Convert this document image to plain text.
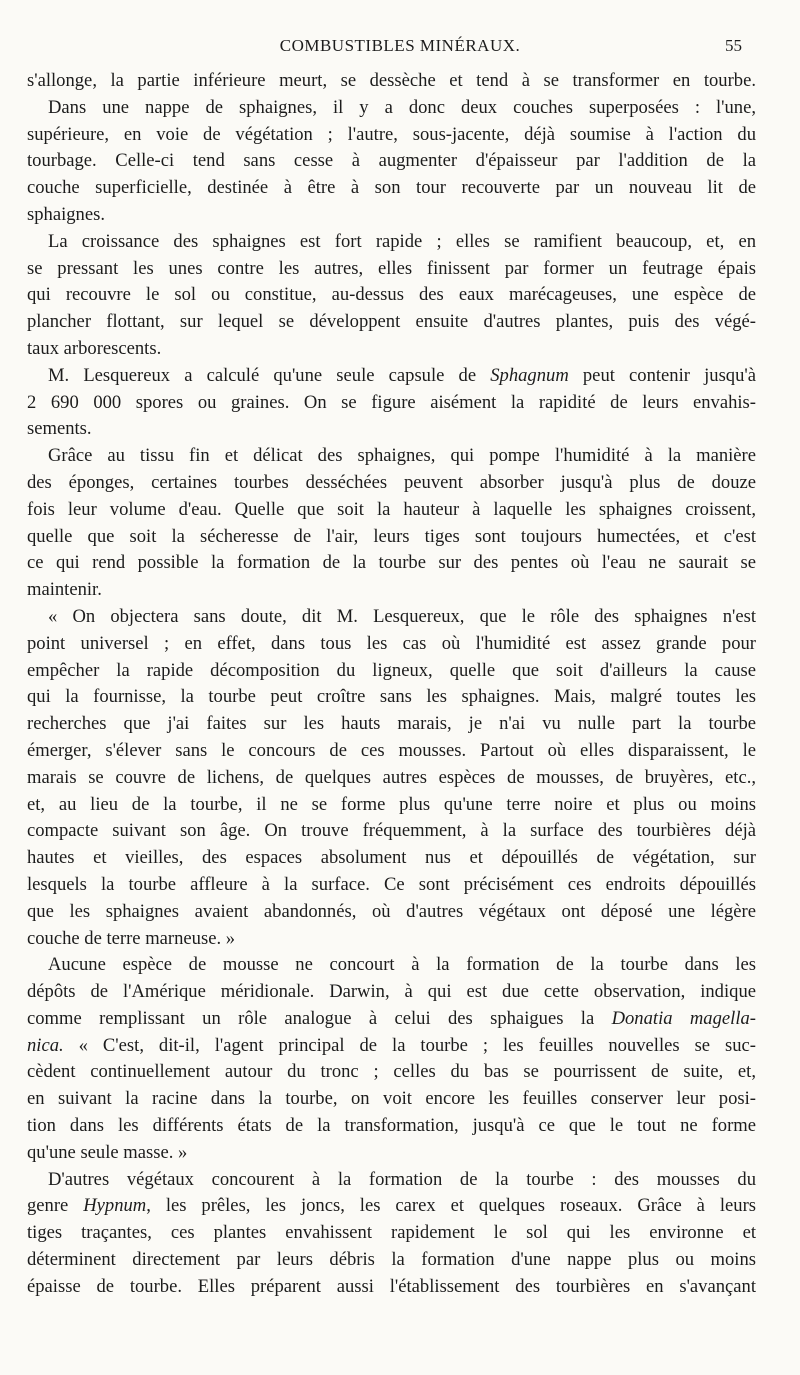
COMBUSTIBLES MINÉRAUX.	55
s'allonge, la partie inférieure meurt, se dessèche et tend à se transformer en tourbe.
Dans une nappe de sphaignes, il y a donc deux couches superposées : l'une,
supérieure, en voie de végétation ; l'autre, sous-jacente, déjà soumise à l'action du
tourbage. Celle-ci tend sans cesse à augmenter d'épaisseur par l'addition de la
couche superficielle, destinée à être à son tour recouverte par un nouveau lit de
sphaignes.
La croissance des sphaignes est fort rapide ; elles se ramifient beaucoup, et, en
se pressant les unes contre les autres, elles finissent par former un feutrage épais
qui recouvre le sol ou constitue, au-dessus des eaux marécageuses, une espèce de
plancher flottant, sur lequel se développent ensuite d'autres plantes, puis des végé-
taux arborescents.
M. Lesquereux a calculé qu'une seule capsule de Sphagnum peut contenir jusqu'à
2 690 000 spores ou graines. On se figure aisément la rapidité de leurs envahis-
sements.
Grâce au tissu fin et délicat des sphaignes, qui pompe l'humidité à la manière
des éponges, certaines tourbes desséchées peuvent absorber jusqu'à plus de douze
fois leur volume d'eau. Quelle que soit la hauteur à laquelle les sphaignes croissent,
quelle que soit la sécheresse de l'air, leurs tiges sont toujours humectées, et c'est
ce qui rend possible la formation de la tourbe sur des pentes où l'eau ne saurait se
maintenir.
« On objectera sans doute, dit M. Lesquereux, que le rôle des sphaignes n'est
point universel ; en effet, dans tous les cas où l'humidité est assez grande pour
empêcher la rapide décomposition du ligneux, quelle que soit d'ailleurs la cause
qui la fournisse, la tourbe peut croître sans les sphaignes. Mais, malgré toutes les
recherches que j'ai faites sur les hauts marais, je n'ai vu nulle part la tourbe
émerger, s'élever sans le concours de ces mousses. Partout où elles disparaissent, le
marais se couvre de lichens, de quelques autres espèces de mousses, de bruyères, etc.,
et, au lieu de la tourbe, il ne se forme plus qu'une terre noire et plus ou moins
compacte suivant son âge. On trouve fréquemment, à la surface des tourbières déjà
hautes et vieilles, des espaces absolument nus et dépouillés de végétation, sur
lesquels la tourbe affleure à la surface. Ce sont précisément ces endroits dépouillés
que les sphaignes avaient abandonnés, où d'autres végétaux ont déposé une légère
couche de terre marneuse. »
Aucune espèce de mousse ne concourt à la formation de la tourbe dans les
dépôts de l'Amérique méridionale. Darwin, à qui est due cette observation, indique
comme remplissant un rôle analogue à celui des sphaigues la Donatia magella-
nica. « C'est, dit-il, l'agent principal de la tourbe ; les feuilles nouvelles se suc-
cèdent continuellement autour du tronc ; celles du bas se pourrissent de suite, et,
en suivant la racine dans la tourbe, on voit encore les feuilles conserver leur posi-
tion dans les différents états de la transformation, jusqu'à ce que le tout ne forme
qu'une seule masse. »
D'autres végétaux concourent à la formation de la tourbe : des mousses du
genre Hypnum, les prêles, les joncs, les carex et quelques roseaux. Grâce à leurs
tiges traçantes, ces plantes envahissent rapidement le sol qui les environne et
déterminent directement par leurs débris la formation d'une nappe plus ou moins
épaisse de tourbe. Elles préparent aussi l'établissement des tourbières en s'avançant
